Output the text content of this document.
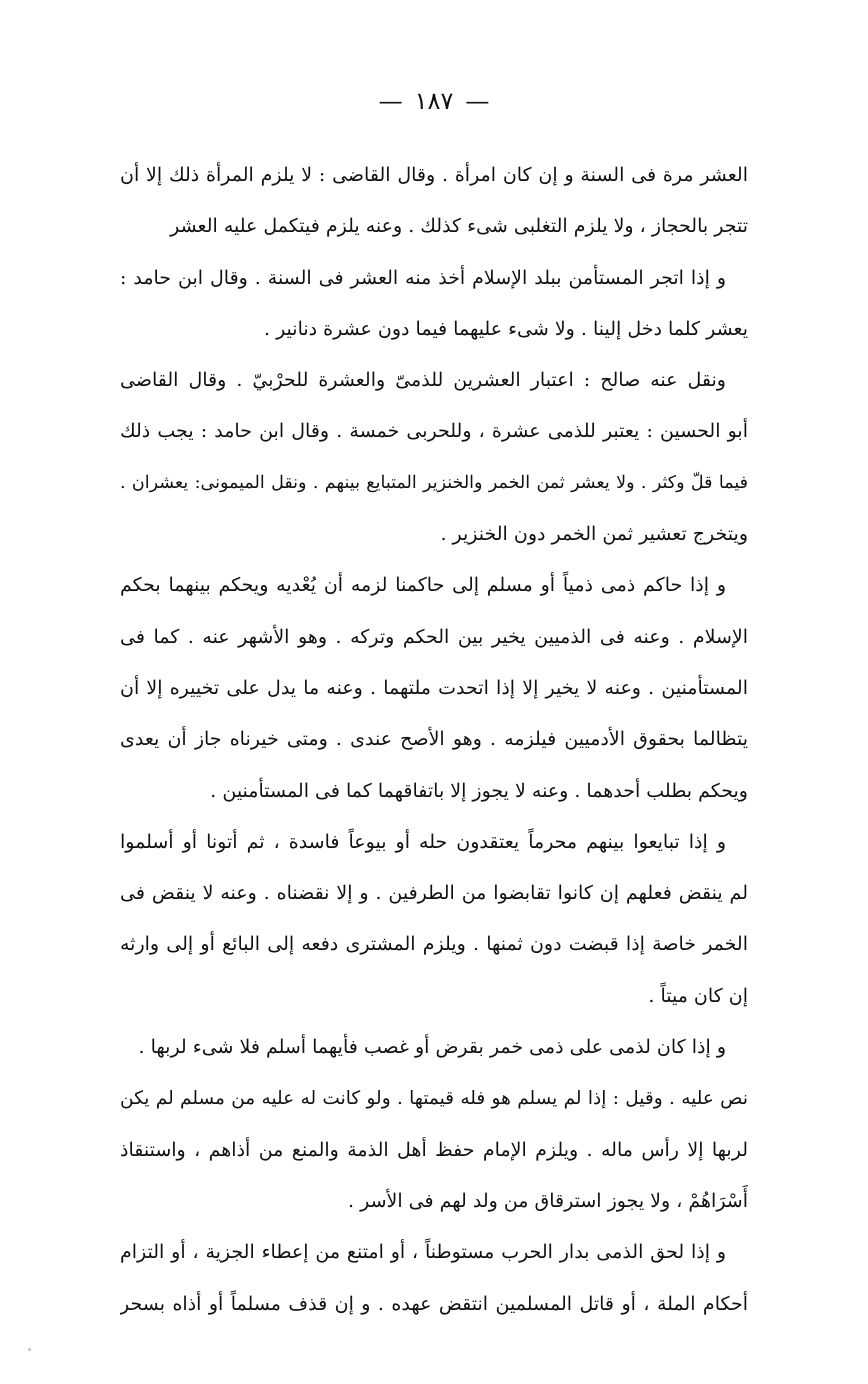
—١٨٧—
العشر مرة فى السنة و إن كان امرأة . وقال القاضى : لا يلزم المرأة ذلك إلا أن
تتجر بالحجاز ، ولا يلزم التغلبى شىء كذلك . وعنه يلزم فيتكمل عليه العشر
و إذا اتجر المستأمن ببلد الإسلام أخذ منه العشر فى السنة . وقال ابن حامد :
يعشر كلما دخل إلينا . ولا شىء عليهما فيما دون عشرة دنانير .
ونقل عنه صالح : اعتبار العشرين للذمىّ والعشرة للحرْبيّ . وقال القاضى
أبو الحسين : يعتبر للذمى عشرة ، وللحربى خمسة . وقال ابن حامد : يجب ذلك
فيما قلّ وكثر . ولا يعشر ثمن الخمر والخنزير المتبايع بينهم . ونقل الميمونى: يعشران .
ويتخرج تعشير ثمن الخمر دون الخنزير .
و إذا حاكم ذمى ذمياً أو مسلم إلى حاكمنا لزمه أن يُعْديه ويحكم بينهما بحكم
الإسلام . وعنه فى الذميين يخير بين الحكم وتركه . وهو الأشهر عنه . كما فى
المستأمنين . وعنه لا يخير إلا إذا اتحدت ملتهما . وعنه ما يدل على تخييره إلا أن
يتظالما بحقوق الأدميين فيلزمه . وهو الأصح عندى . ومتى خيرناه جاز أن يعدى
ويحكم بطلب أحدهما . وعنه لا يجوز إلا باتفاقهما كما فى المستأمنين .
و إذا تبايعوا بينهم محرماً يعتقدون حله أو بيوعاً فاسدة ، ثم أتونا أو أسلموا
لم ينقض فعلهم إن كانوا تقابضوا من الطرفين . و إلا نقضناه . وعنه لا ينقض فى
الخمر خاصة إذا قبضت دون ثمنها . ويلزم المشترى دفعه إلى البائع أو إلى وارثه
إن كان ميتاً .
و إذا كان لذمى على ذمى خمر بقرض أو غصب فأيهما أسلم فلا شىء لربها .
نص عليه . وقيل : إذا لم يسلم هو فله قيمتها . ولو كانت له عليه من مسلم لم يكن
لربها إلا رأس ماله . ويلزم الإمام حفظ أهل الذمة والمنع من أذاهم ، واستنقاذ
أَسْرَاهُمْ ، ولا يجوز استرقاق من ولد لهم فى الأسر .
و إذا لحق الذمى بدار الحرب مستوطناً ، أو امتنع من إعطاء الجزية ، أو التزام
أحكام الملة ، أو قاتل المسلمين انتقض عهده . و إن قذف مسلماً أو أذاه بسحر
